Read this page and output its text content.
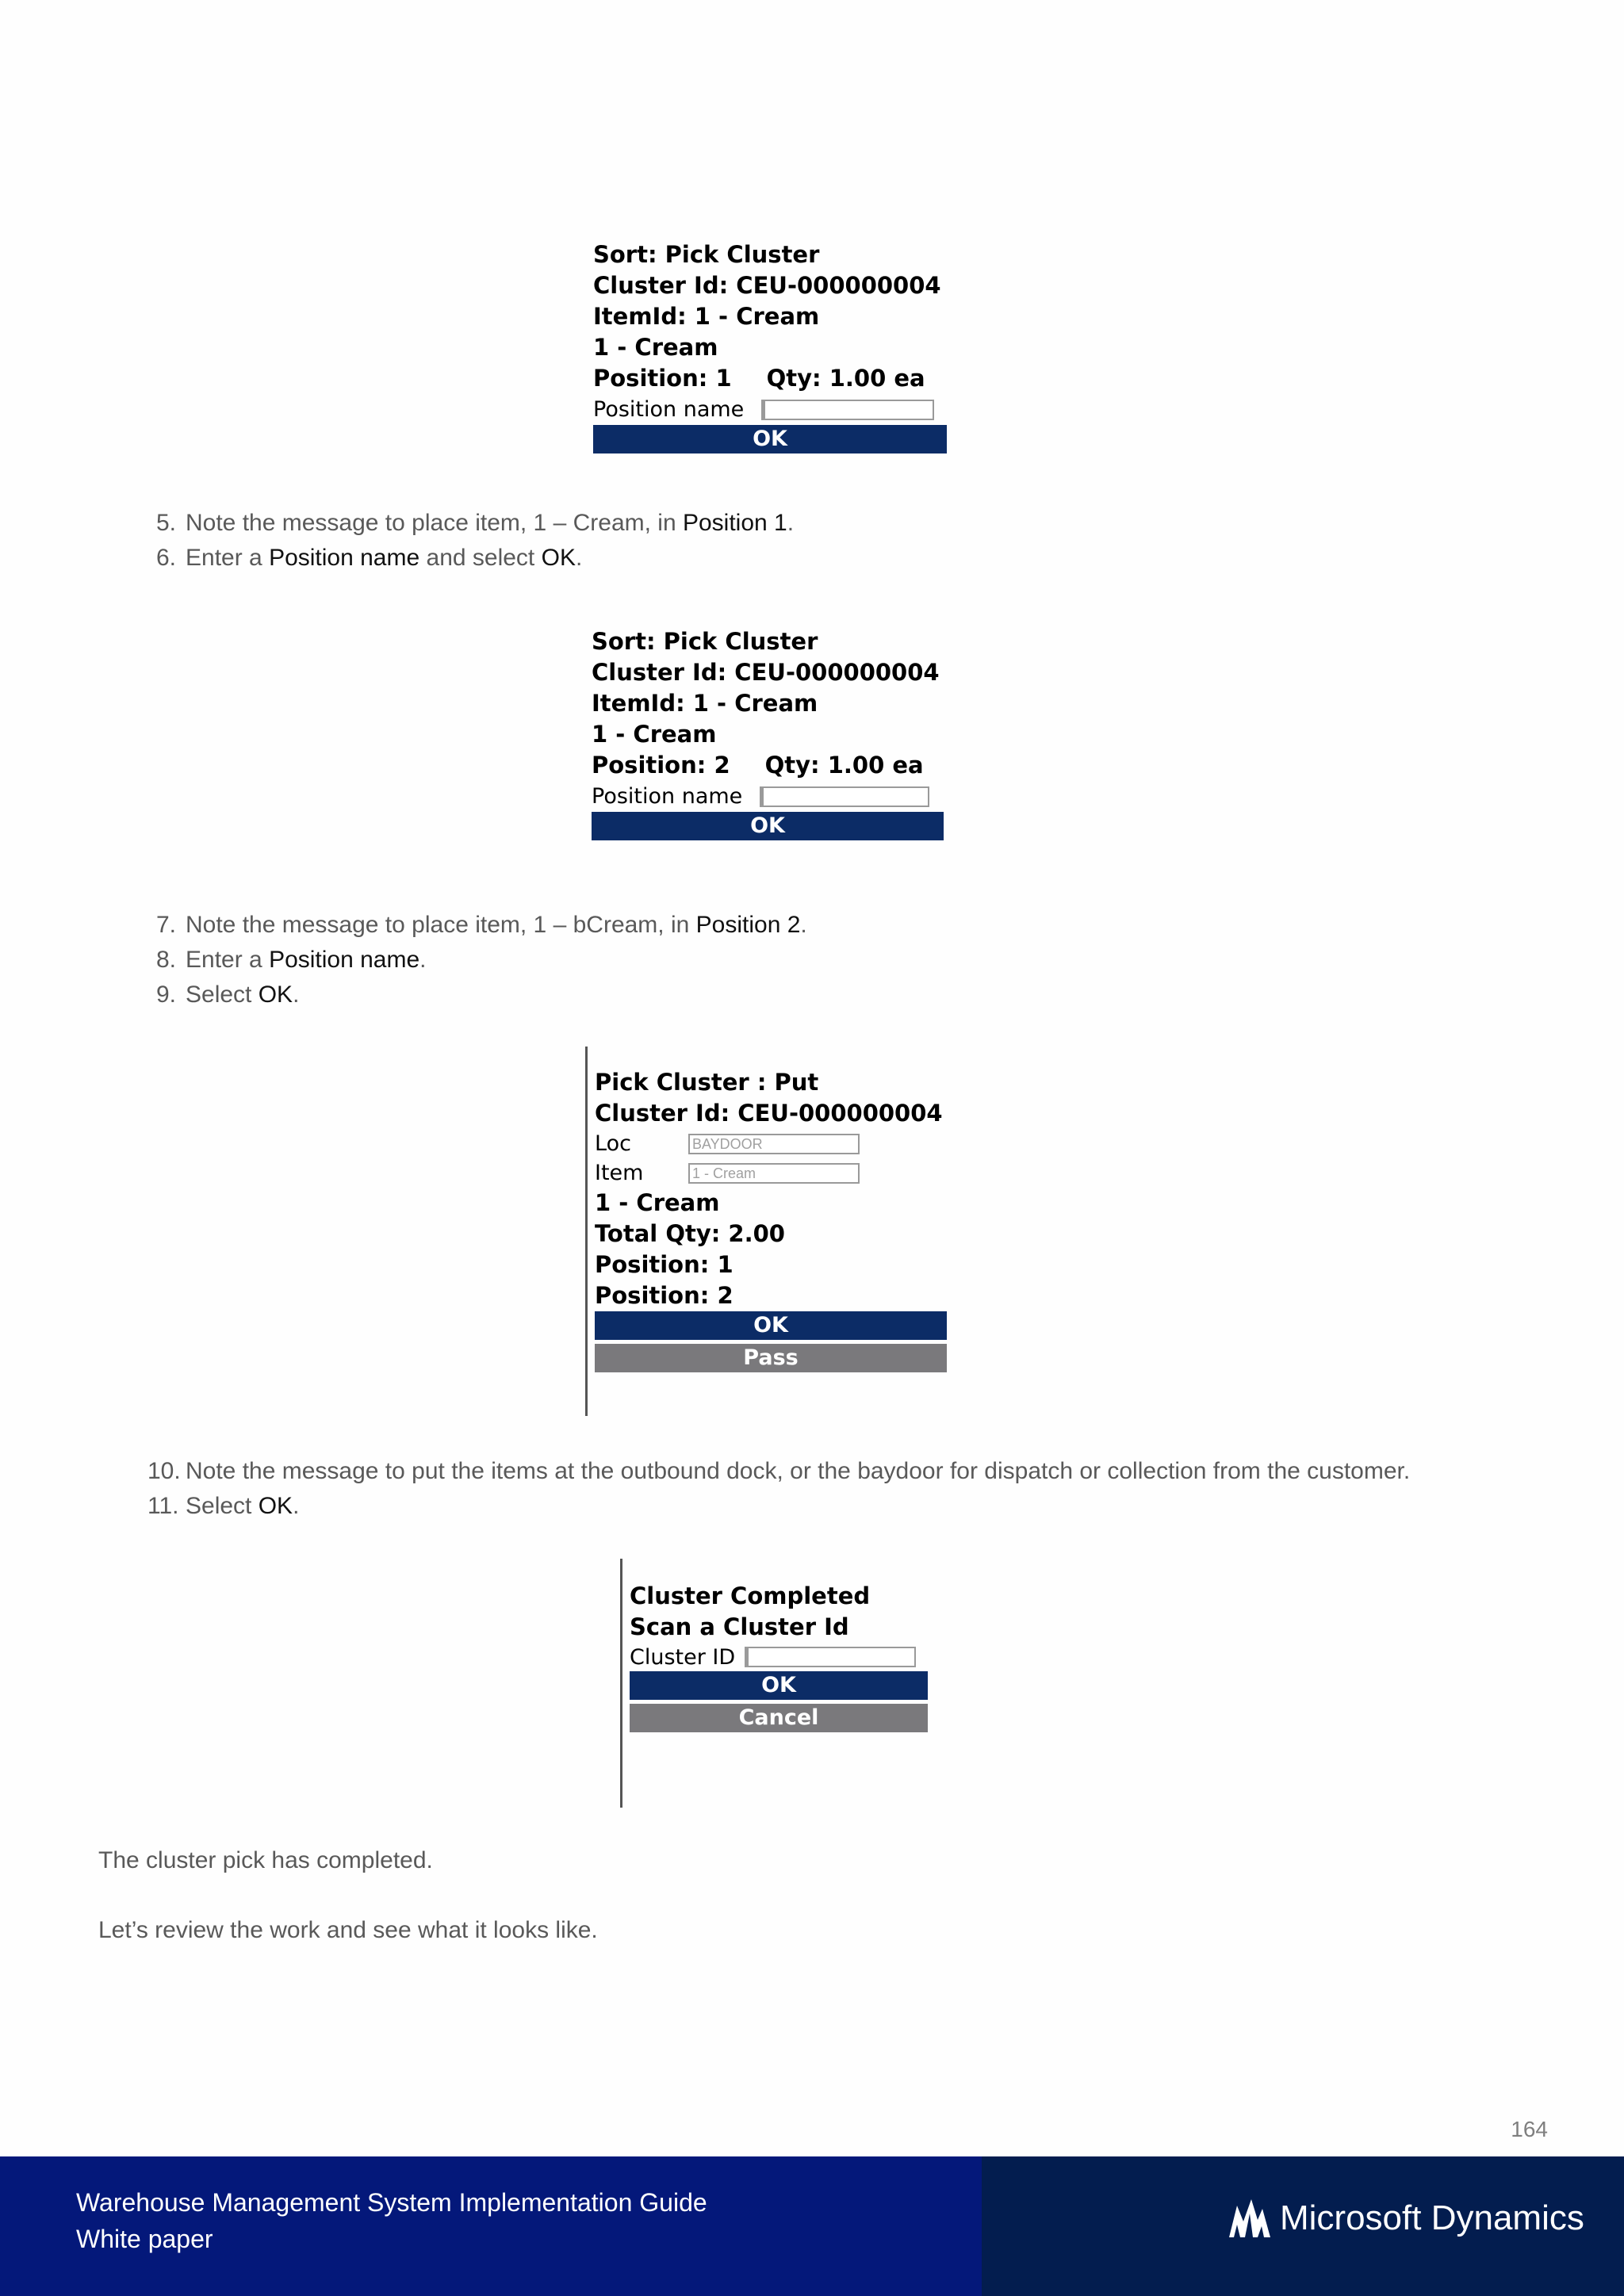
Sort: Pick Cluster
Cluster Id: CEU-000000004
ItemId: 1 - Cream
1 - Cream
Position: 1 Qty: 1.00 ea
Position name
OK
5. Note the message to place item, 1 – Cream, in Position 1.
6. Enter a Position name and select OK.
Sort: Pick Cluster
Cluster Id: CEU-000000004
ItemId: 1 - Cream
1 - Cream
Position: 2 Qty: 1.00 ea
Position name
OK
7. Note the message to place item, 1 – bCream, in Position 2.
8. Enter a Position name.
9. Select OK.
Pick Cluster : Put
Cluster Id: CEU-000000004
Loc	BAYDOOR
Item	1 - Cream
1 - Cream
Total Qty: 2.00
Position: 1
Position: 2
OK
Pass
10. Note the message to put the items at the outbound dock, or the baydoor for dispatch or collection from the customer.
11. Select OK.
Cluster Completed
Scan a Cluster Id
Cluster ID
OK
Cancel
The cluster pick has completed.
Let’s review the work and see what it looks like.
164
Warehouse Management System Implementation Guide
White paper
Microsoft Dynamics
